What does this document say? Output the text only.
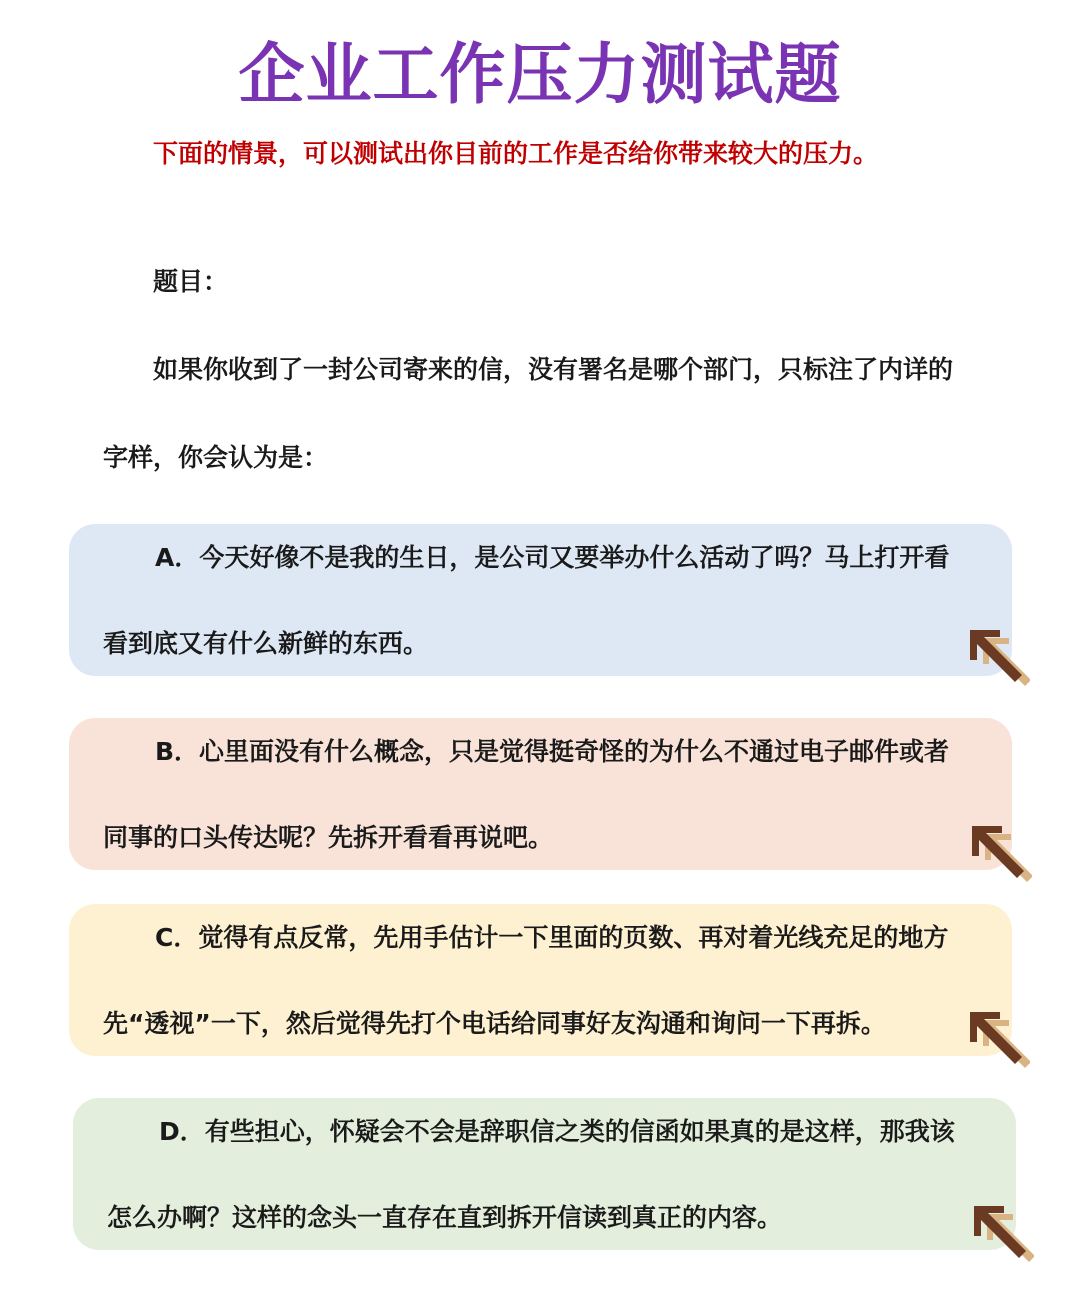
企业工作压力测试题
下面的情景，可以测试出你目前的工作是否给你带来较大的压力。
题目：
如果你收到了一封公司寄来的信，没有署名是哪个部门，只标注了内详的
字样，你会认为是：
A．今天好像不是我的生日，是公司又要举办什么活动了吗？马上打开看
看到底又有什么新鲜的东西。
B．心里面没有什么概念，只是觉得挺奇怪的为什么不通过电子邮件或者
同事的口头传达呢？先拆开看看再说吧。
C．觉得有点反常，先用手估计一下里面的页数、再对着光线充足的地方
先“透视”一下，然后觉得先打个电话给同事好友沟通和询问一下再拆。
D．有些担心，怀疑会不会是辞职信之类的信函如果真的是这样，那我该
怎么办啊？这样的念头一直存在直到拆开信读到真正的内容。
